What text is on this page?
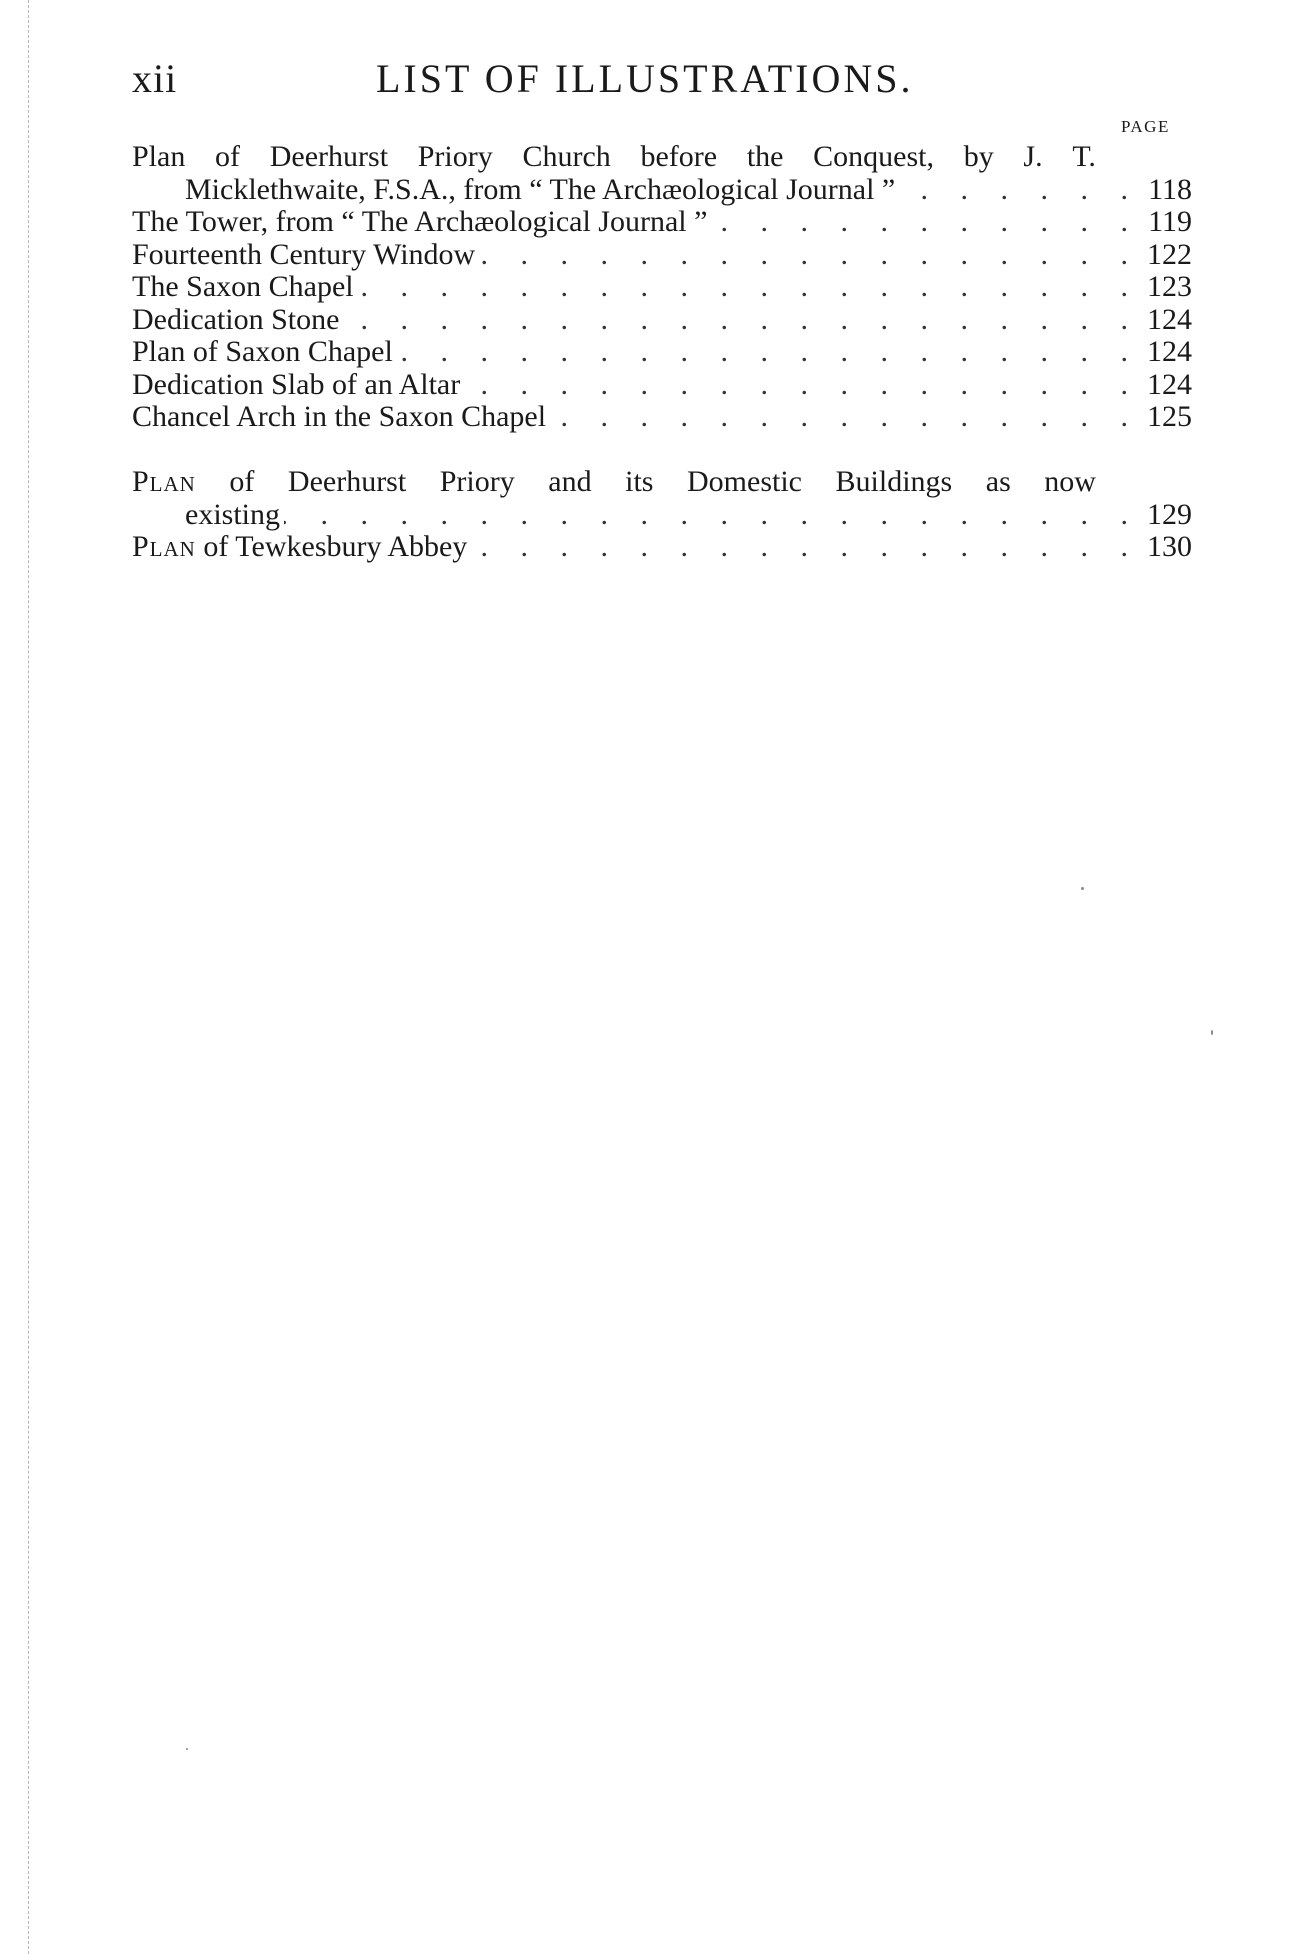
xii	LIST OF ILLUSTRATIONS.
PAGE
Plan of Deerhurst Priory Church before the Conquest, by J. T.
Micklethwaite, F.S.A., from “ The Archæological Journal ” . . .	118
The Tower, from “ The Archæological Journal ” . . .	119
Fourteenth Century Window . . .	122
The Saxon Chapel . . .	123
Dedication Stone . . .	124
Plan of Saxon Chapel . . .	124
Dedication Slab of an Altar . . .	124
Chancel Arch in the Saxon Chapel . . .	125
Plan of Deerhurst Priory and its Domestic Buildings as now
existing . . .	129
Plan of Tewkesbury Abbey . . .	130
